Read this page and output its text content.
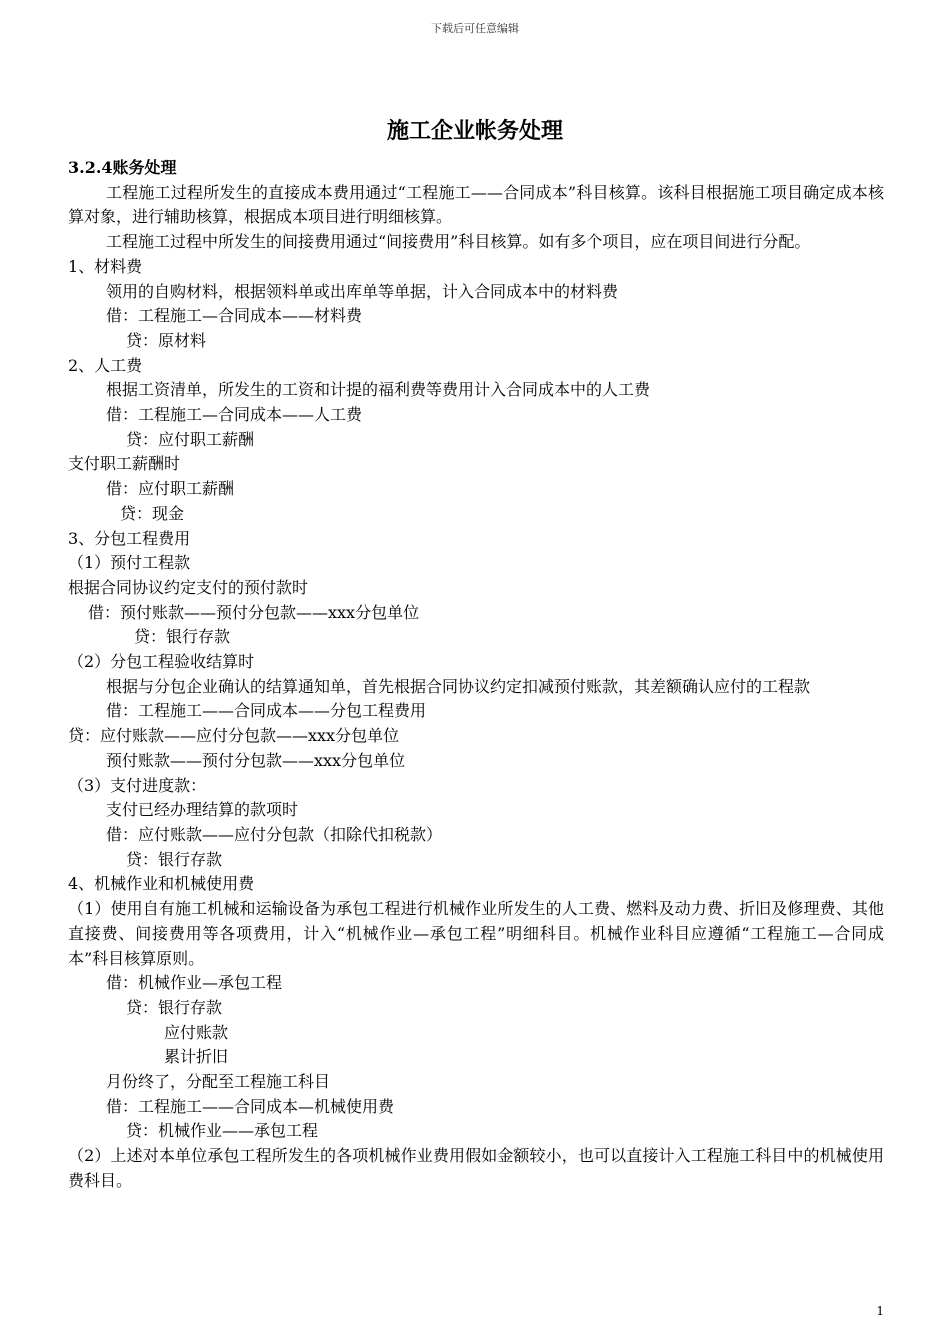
下载后可任意编辑
施工企业帐务处理

3.2.4账务处理

工程施工过程所发生的直接成本费用通过“工程施工——合同成本”科目核算。该科目根据施工项目确定成本核算对象，进行辅助核算，根据成本项目进行明细核算。

工程施工过程中所发生的间接费用通过“间接费用”科目核算。如有多个项目，应在项目间进行分配。

1、材料费

领用的自购材料，根据领料单或出库单等单据，计入合同成本中的材料费

借：工程施工—合同成本——材料费

贷：原材料

2、人工费

根据工资清单，所发生的工资和计提的福利费等费用计入合同成本中的人工费

借：工程施工—合同成本——人工费

贷：应付职工薪酬

支付职工薪酬时

借：应付职工薪酬

贷：现金

3、分包工程费用

（1）预付工程款

根据合同协议约定支付的预付款时

借：预付账款——预付分包款——xxx分包单位

贷：银行存款

（2）分包工程验收结算时

根据与分包企业确认的结算通知单，首先根据合同协议约定扣减预付账款，其差额确认应付的工程款

借：工程施工——合同成本——分包工程费用

贷：应付账款——应付分包款——xxx分包单位

预付账款——预付分包款——xxx分包单位

（3）支付进度款：

支付已经办理结算的款项时

借：应付账款——应付分包款（扣除代扣税款）

贷：银行存款

4、机械作业和机械使用费

（1）使用自有施工机械和运输设备为承包工程进行机械作业所发生的人工费、燃料及动力费、折旧及修理费、其他直接费、间接费用等各项费用，计入“机械作业—承包工程”明细科目。机械作业科目应遵循“工程施工—合同成本”科目核算原则。

借：机械作业—承包工程

贷：银行存款

应付账款

累计折旧

月份终了，分配至工程施工科目

借：工程施工——合同成本—机械使用费

贷：机械作业——承包工程

（2）上述对本单位承包工程所发生的各项机械作业费用假如金额较小，也可以直接计入工程施工科目中的机械使用费科目。

1
